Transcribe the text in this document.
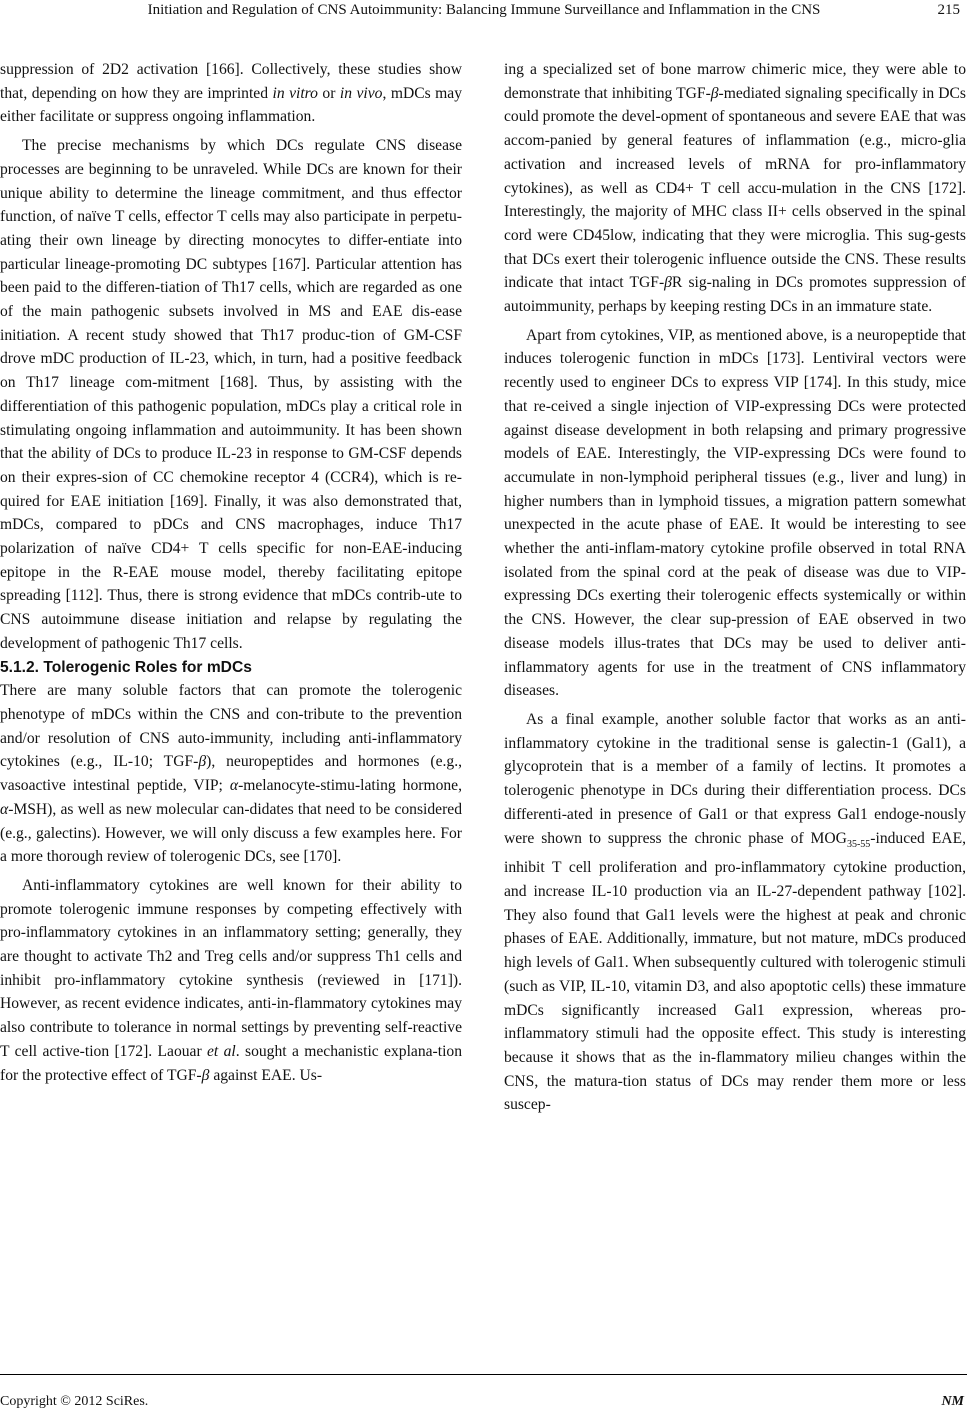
Initiation and Regulation of CNS Autoimmunity: Balancing Immune Surveillance and Inflammation in the CNS	215

suppression of 2D2 activation [166]. Collectively, these studies show that, depending on how they are imprinted in vitro or in vivo, mDCs may either facilitate or suppress ongoing inflammation.

The precise mechanisms by which DCs regulate CNS disease processes are beginning to be unraveled. While DCs are known for their unique ability to determine the lineage commitment, and thus effector function, of naïve T cells, effector T cells may also participate in perpetu-ating their own lineage by directing monocytes to differ-entiate into particular lineage-promoting DC subtypes [167]. Particular attention has been paid to the differen-tiation of Th17 cells, which are regarded as one of the main pathogenic subsets involved in MS and EAE dis-ease initiation. A recent study showed that Th17 produc-tion of GM-CSF drove mDC production of IL-23, which, in turn, had a positive feedback on Th17 lineage com-mitment [168]. Thus, by assisting with the differentiation of this pathogenic population, mDCs play a critical role in stimulating ongoing inflammation and autoimmunity. It has been shown that the ability of DCs to produce IL-23 in response to GM-CSF depends on their expres-sion of CC chemokine receptor 4 (CCR4), which is re-quired for EAE initiation [169]. Finally, it was also demonstrated that, mDCs, compared to pDCs and CNS macrophages, induce Th17 polarization of naïve CD4+ T cells specific for non-EAE-inducing epitope in the R-EAE mouse model, thereby facilitating epitope spreading [112]. Thus, there is strong evidence that mDCs contrib-ute to CNS autoimmune disease initiation and relapse by regulating the development of pathogenic Th17 cells.

5.1.2. Tolerogenic Roles for mDCs

There are many soluble factors that can promote the tolerogenic phenotype of mDCs within the CNS and con-tribute to the prevention and/or resolution of CNS auto-immunity, including anti-inflammatory cytokines (e.g., IL-10; TGF-β), neuropeptides and hormones (e.g., vasoactive intestinal peptide, VIP; α-melanocyte-stimu-lating hormone, α-MSH), as well as new molecular can-didates that need to be considered (e.g., galectins). However, we will only discuss a few examples here. For a more thorough review of tolerogenic DCs, see [170].

Anti-inflammatory cytokines are well known for their ability to promote tolerogenic immune responses by competing effectively with pro-inflammatory cytokines in an inflammatory setting; generally, they are thought to activate Th2 and Treg cells and/or suppress Th1 cells and inhibit pro-inflammatory cytokine synthesis (reviewed in [171]). However, as recent evidence indicates, anti-in-flammatory cytokines may also contribute to tolerance in normal settings by preventing self-reactive T cell active-tion [172]. Laouar et al. sought a mechanistic explana-tion for the protective effect of TGF-β against EAE. Us-

ing a specialized set of bone marrow chimeric mice, they were able to demonstrate that inhibiting TGF-β-mediated signaling specifically in DCs could promote the devel-opment of spontaneous and severe EAE that was accom-panied by general features of inflammation (e.g., micro-glia activation and increased levels of mRNA for pro-inflammatory cytokines), as well as CD4+ T cell accu-mulation in the CNS [172]. Interestingly, the majority of MHC class II+ cells observed in the spinal cord were CD45low, indicating that they were microglia. This sug-gests that DCs exert their tolerogenic influence outside the CNS. These results indicate that intact TGF-βR sig-naling in DCs promotes suppression of autoimmunity, perhaps by keeping resting DCs in an immature state.

Apart from cytokines, VIP, as mentioned above, is a neuropeptide that induces tolerogenic function in mDCs [173]. Lentiviral vectors were recently used to engineer DCs to express VIP [174]. In this study, mice that re-ceived a single injection of VIP-expressing DCs were protected against disease development in both relapsing and primary progressive models of EAE. Interestingly, the VIP-expressing DCs were found to accumulate in non-lymphoid peripheral tissues (e.g., liver and lung) in higher numbers than in lymphoid tissues, a migration pattern somewhat unexpected in the acute phase of EAE. It would be interesting to see whether the anti-inflam-matory cytokine profile observed in total RNA isolated from the spinal cord at the peak of disease was due to VIP-expressing DCs exerting their tolerogenic effects systemically or within the CNS. However, the clear sup-pression of EAE observed in two disease models illus-trates that DCs may be used to deliver anti-inflammatory agents for use in the treatment of CNS inflammatory diseases.

As a final example, another soluble factor that works as an anti-inflammatory cytokine in the traditional sense is galectin-1 (Gal1), a glycoprotein that is a member of a family of lectins. It promotes a tolerogenic phenotype in DCs during their differentiation process. DCs differenti-ated in presence of Gal1 or that express Gal1 endoge-nously were shown to suppress the chronic phase of $MOG_{35-55}$-induced EAE, inhibit T cell proliferation and pro-inflammatory cytokine production, and increase IL-10 production via an IL-27-dependent pathway [102]. They also found that Gal1 levels were the highest at peak and chronic phases of EAE. Additionally, immature, but not mature, mDCs produced high levels of Gal1. When subsequently cultured with tolerogenic stimuli (such as VIP, IL-10, vitamin D3, and also apoptotic cells) these immature mDCs significantly increased Gal1 expression, whereas pro-inflammatory stimuli had the opposite effect. This study is interesting because it shows that as the in-flammatory milieu changes within the CNS, the matura-tion status of DCs may render them more or less suscep-

Copyright © 2012 SciRes.	NM
